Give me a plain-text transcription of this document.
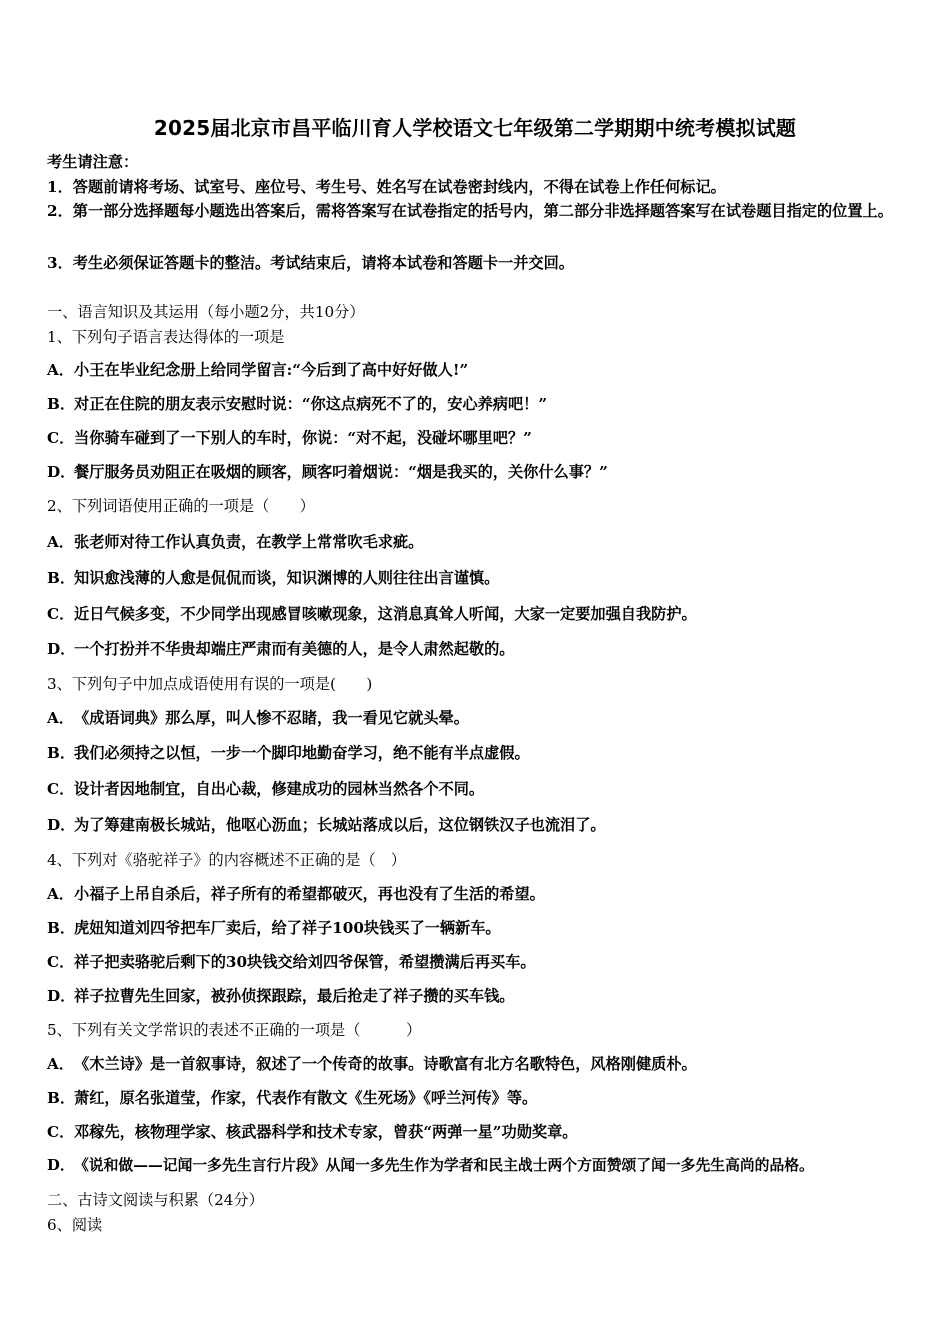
2025届北京市昌平临川育人学校语文七年级第二学期期中统考模拟试题
考生请注意：
1．答题前请将考场、试室号、座位号、考生号、姓名写在试卷密封线内，不得在试卷上作任何标记。
2．第一部分选择题每小题选出答案后，需将答案写在试卷指定的括号内，第二部分非选择题答案写在试卷题目指定的位置上。
3．考生必须保证答题卡的整洁。考试结束后，请将本试卷和答题卡一并交回。
一、语言知识及其运用（每小题2分，共10分）
1、下列句子语言表达得体的一项是
A．小王在毕业纪念册上给同学留言:“今后到了高中好好做人!”
B．对正在住院的朋友表示安慰时说：“你这点病死不了的，安心养病吧！”
C．当你骑车碰到了一下别人的车时，你说：“对不起，没碰坏哪里吧？”
D．餐厅服务员劝阻正在吸烟的顾客，顾客叼着烟说：“烟是我买的，关你什么事？”
2、下列词语使用正确的一项是（　　）
A．张老师对待工作认真负责，在教学上常常吹毛求疵。
B．知识愈浅薄的人愈是侃侃而谈，知识渊博的人则往往出言谨慎。
C．近日气候多变，不少同学出现感冒咳嗽现象，这消息真耸人听闻，大家一定要加强自我防护。
D．一个打扮并不华贵却端庄严肃而有美德的人，是令人肃然起敬的。
3、下列句子中加点成语使用有误的一项是(　　)
A．《成语词典》那么厚，叫人惨不忍睹，我一看见它就头晕。
B．我们必须持之以恒，一步一个脚印地勤奋学习，绝不能有半点虚假。
C．设计者因地制宜，自出心裁，修建成功的园林当然各个不同。
D．为了筹建南极长城站，他呕心沥血；长城站落成以后，这位钢铁汉子也流泪了。
4、下列对《骆驼祥子》的内容概述不正确的是（　）
A．小福子上吊自杀后，祥子所有的希望都破灭，再也没有了生活的希望。
B．虎妞知道刘四爷把车厂卖后，给了祥子100块钱买了一辆新车。
C．祥子把卖骆驼后剩下的30块钱交给刘四爷保管，希望攒满后再买车。
D．祥子拉曹先生回家，被孙侦探跟踪，最后抢走了祥子攒的买车钱。
5、下列有关文学常识的表述不正确的一项是（　　　）
A．《木兰诗》是一首叙事诗，叙述了一个传奇的故事。诗歌富有北方名歌特色，风格刚健质朴。
B．萧红，原名张道莹，作家，代表作有散文《生死场》《呼兰河传》等。
C．邓稼先，核物理学家、核武器科学和技术专家，曾获“两弹一星”功勋奖章。
D．《说和做——记闻一多先生言行片段》从闻一多先生作为学者和民主战士两个方面赞颂了闻一多先生高尚的品格。
二、古诗文阅读与积累（24分）
6、阅读
